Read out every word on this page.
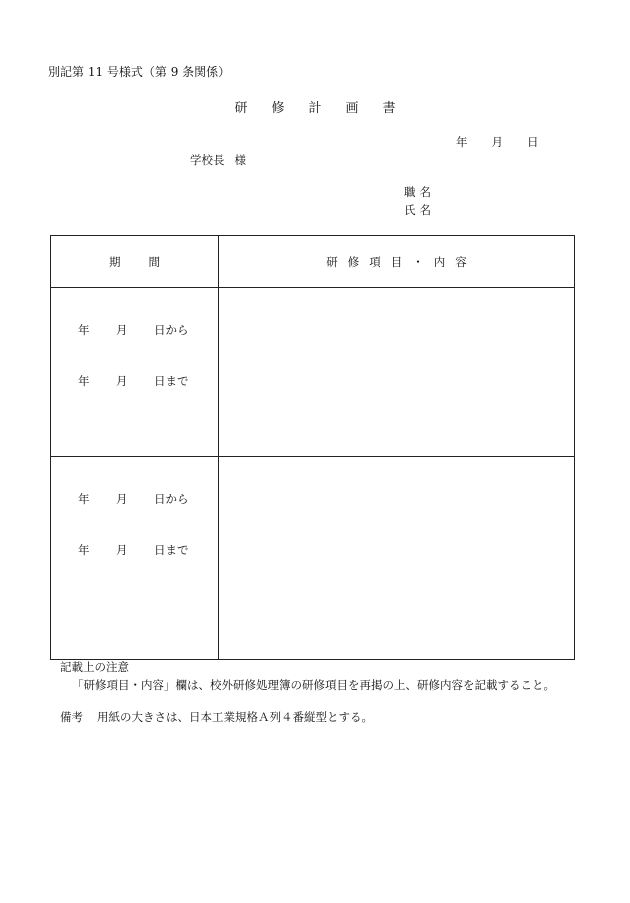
別記第 11 号様式（第 9 条関係）
研 修 計 画 書
年 月 日
学校長 様
職 名
氏 名
期 間	研 修 項 目 ・ 内 容

年 月 日から
年 月 日まで	

年 月 日から
年 月 日まで	

記載上の注意
「研修項目・内容」欄は、校外研修処理簿の研修項目を再掲の上、研修内容を記載すること。
備考 用紙の大きさは、日本工業規格Ａ列４番縦型とする。
